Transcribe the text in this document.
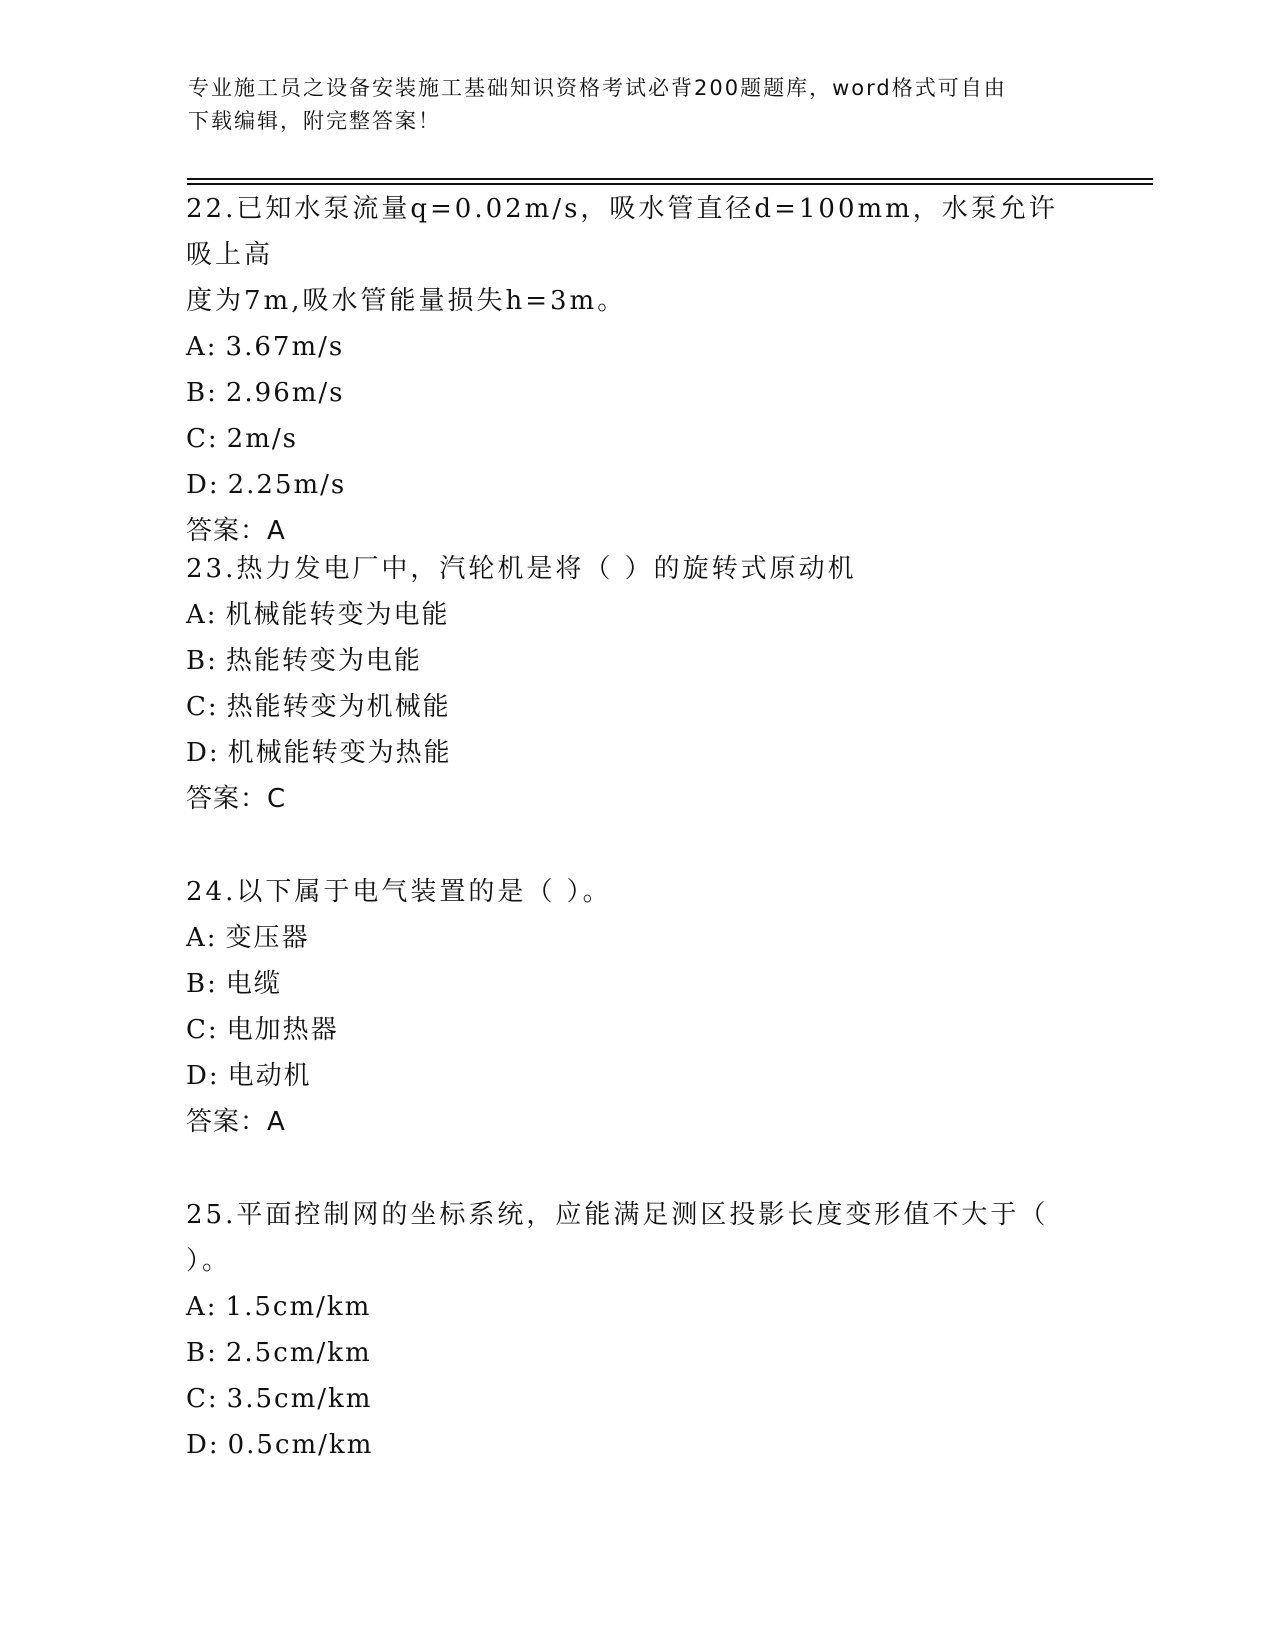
专业施工员之设备安装施工基础知识资格考试必背200题题库，word格式可自由
下载编辑，附完整答案！

22.已知水泵流量q=0.02m/s，吸水管直径d=100mm，水泵允许吸上高

度为7m,吸水管能量损失h=3m。

A: 3.67m/s

B: 2.96m/s

C: 2m/s

D: 2.25m/s

答案：A

23.热力发电厂中，汽轮机是将（ ）的旋转式原动机

A: 机械能转变为电能

B: 热能转变为电能

C: 热能转变为机械能

D: 机械能转变为热能

答案：C

24.以下属于电气装置的是（ ）。

A: 变压器

B: 电缆

C: 电加热器

D: 电动机

答案：A

25.平面控制网的坐标系统，应能满足测区投影长度变形值不大于（

）。

A: 1.5cm/km

B: 2.5cm/km

C: 3.5cm/km

D: 0.5cm/km
